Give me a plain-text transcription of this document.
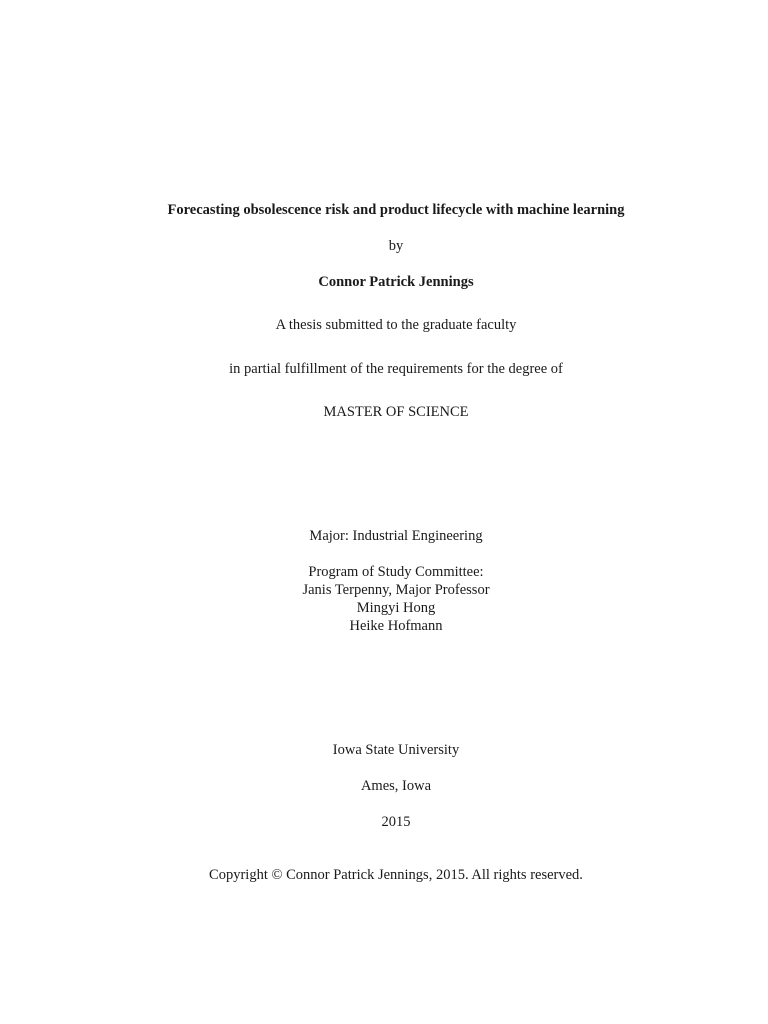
Forecasting obsolescence risk and product lifecycle with machine learning
by
Connor Patrick Jennings
A thesis submitted to the graduate faculty
in partial fulfillment of the requirements for the degree of
MASTER OF SCIENCE
Major: Industrial Engineering
Program of Study Committee:
Janis Terpenny, Major Professor
Mingyi Hong
Heike Hofmann
Iowa State University
Ames, Iowa
2015
Copyright © Connor Patrick Jennings, 2015. All rights reserved.
